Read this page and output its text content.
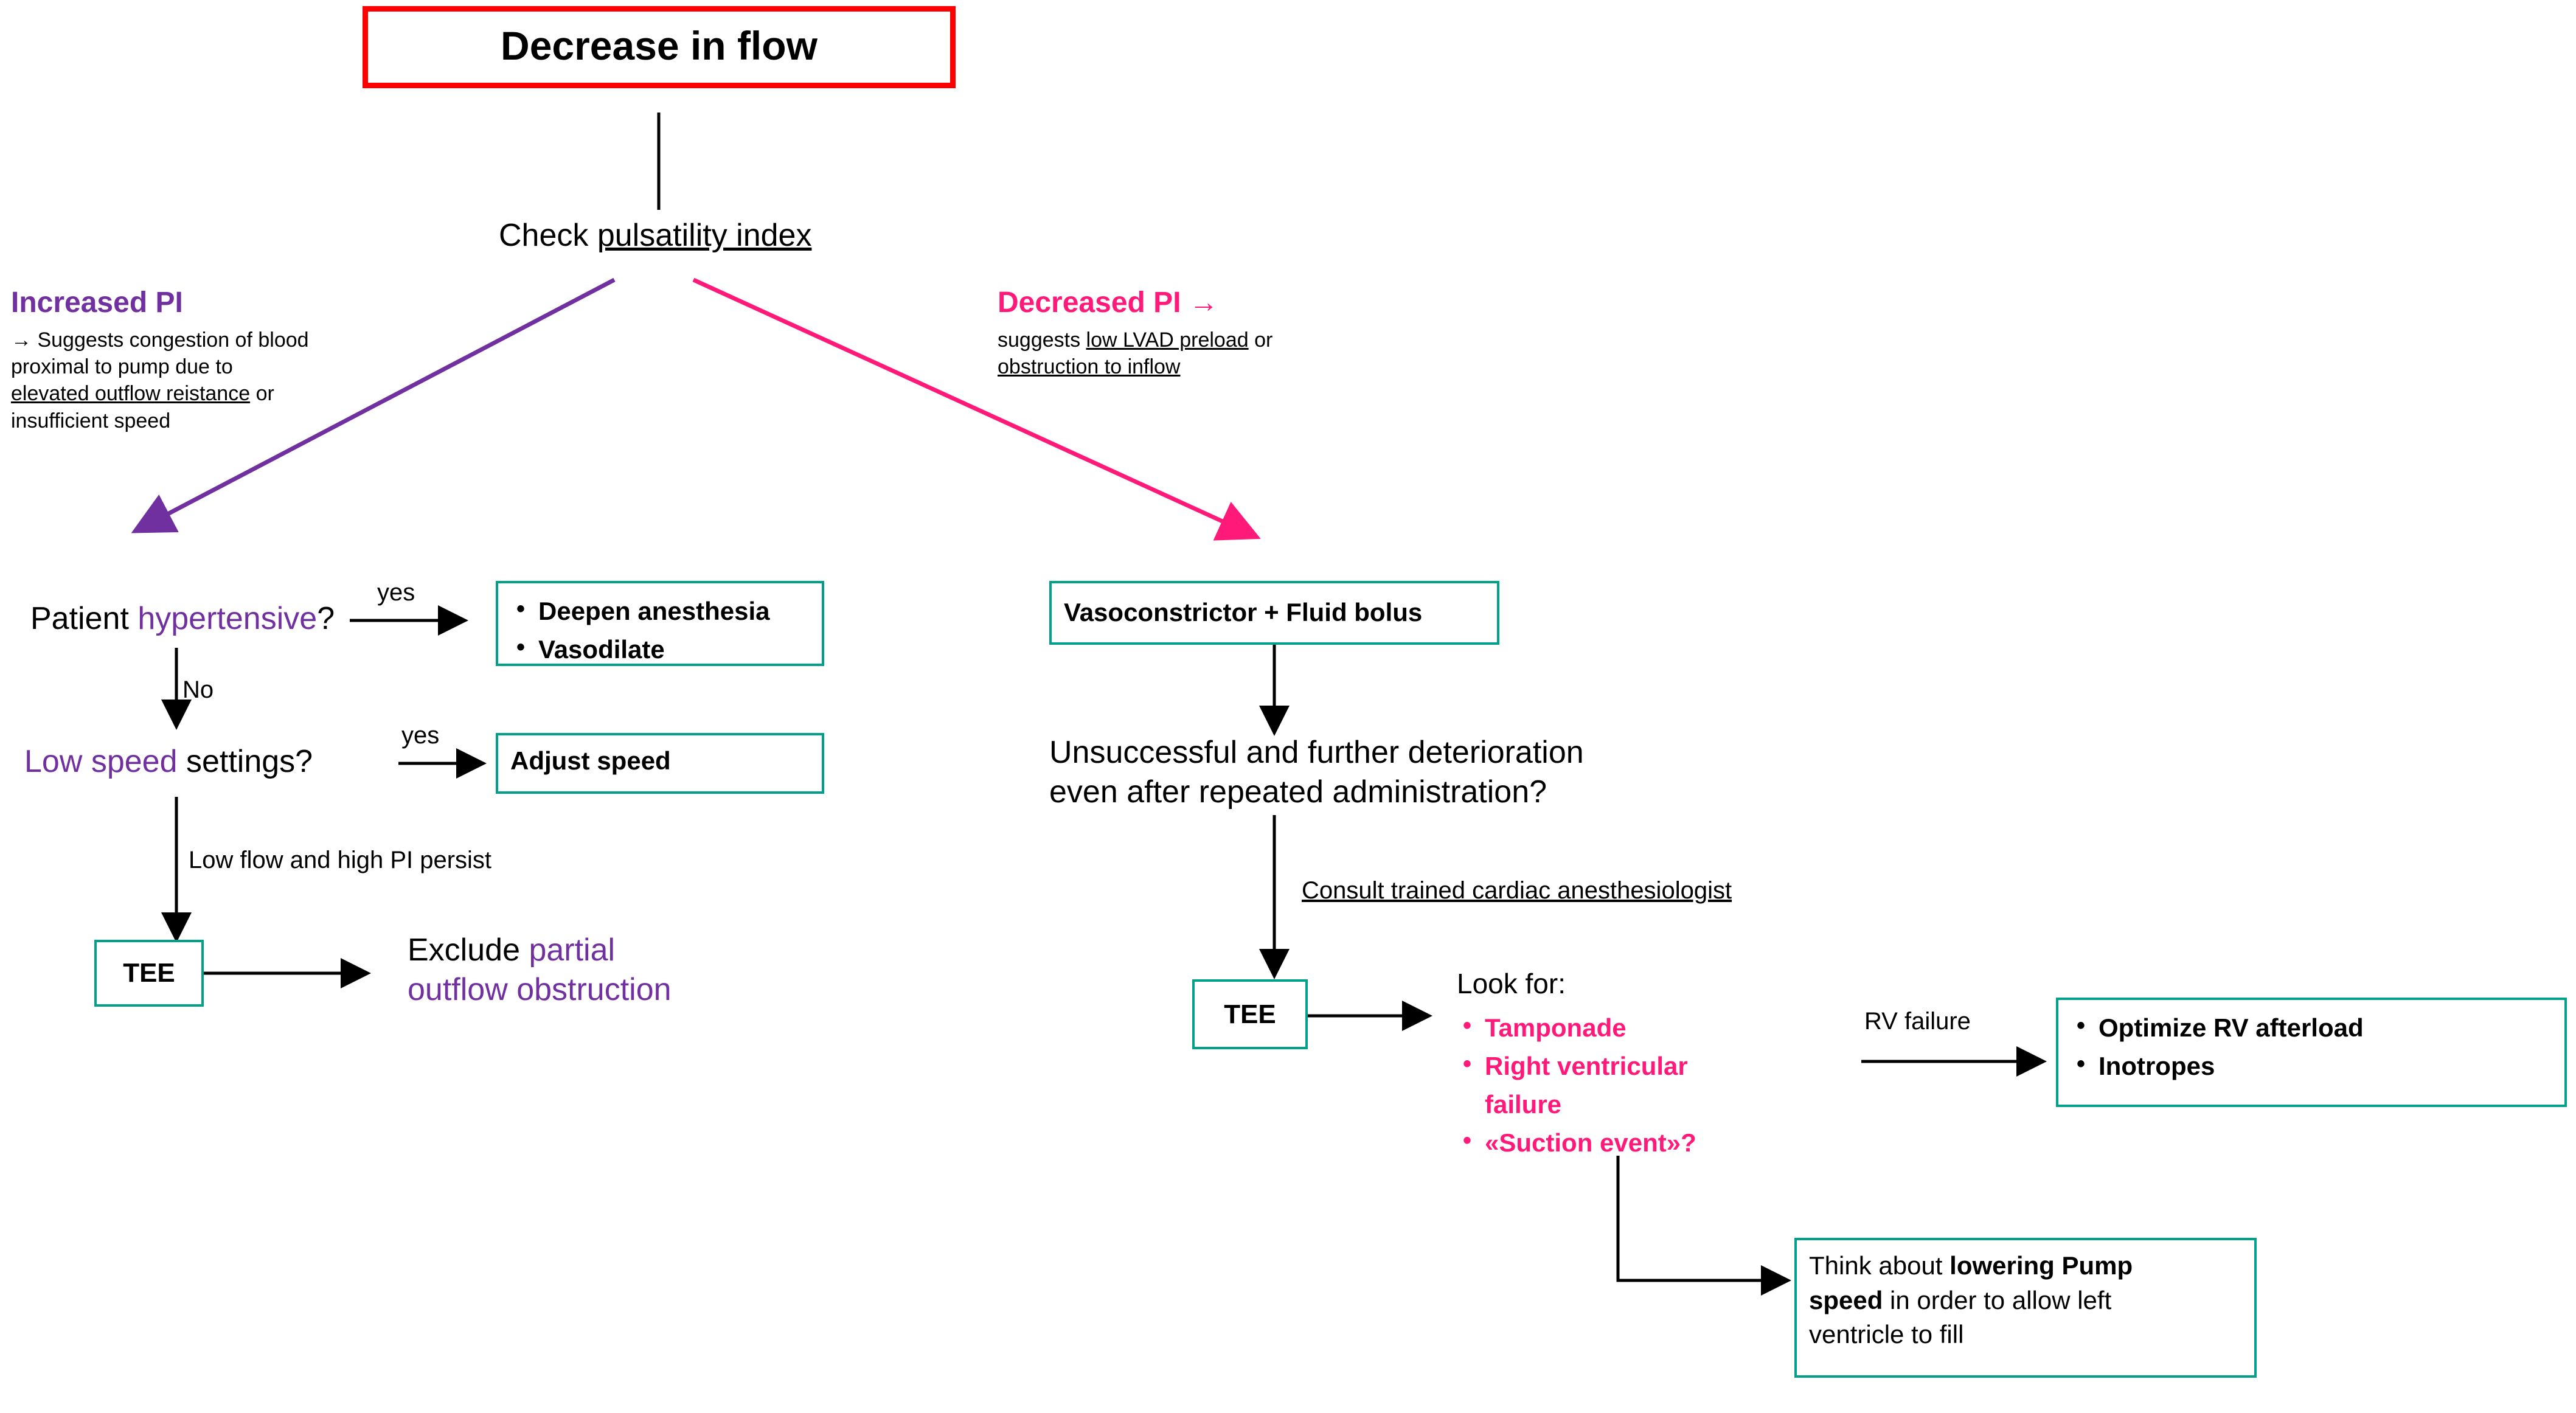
Decrease in flow
Check pulsatility index
Increased PI
→ Suggests congestion of blood
proximal to pump due to
elevated outflow reistance or
insufficient speed
Decreased PI →
suggests low LVAD preload or
obstruction to inflow
Patient hypertensive?
yes
No
• Deepen anesthesia
• Vasodilate
Low speed settings?
yes
Adjust speed
Low flow and high PI persist
TEE
Exclude partial
outflow obstruction
Vasoconstrictor + Fluid bolus
Unsuccessful and further deterioration
even after repeated administration?
Consult trained cardiac anesthesiologist
TEE
Look for:
• Tamponade
• Right ventricular failure
• «Suction event»?
RV failure	• Optimize RV afterload
• Inotropes
Think about lowering Pump
speed in order to allow left
ventricle to fill
